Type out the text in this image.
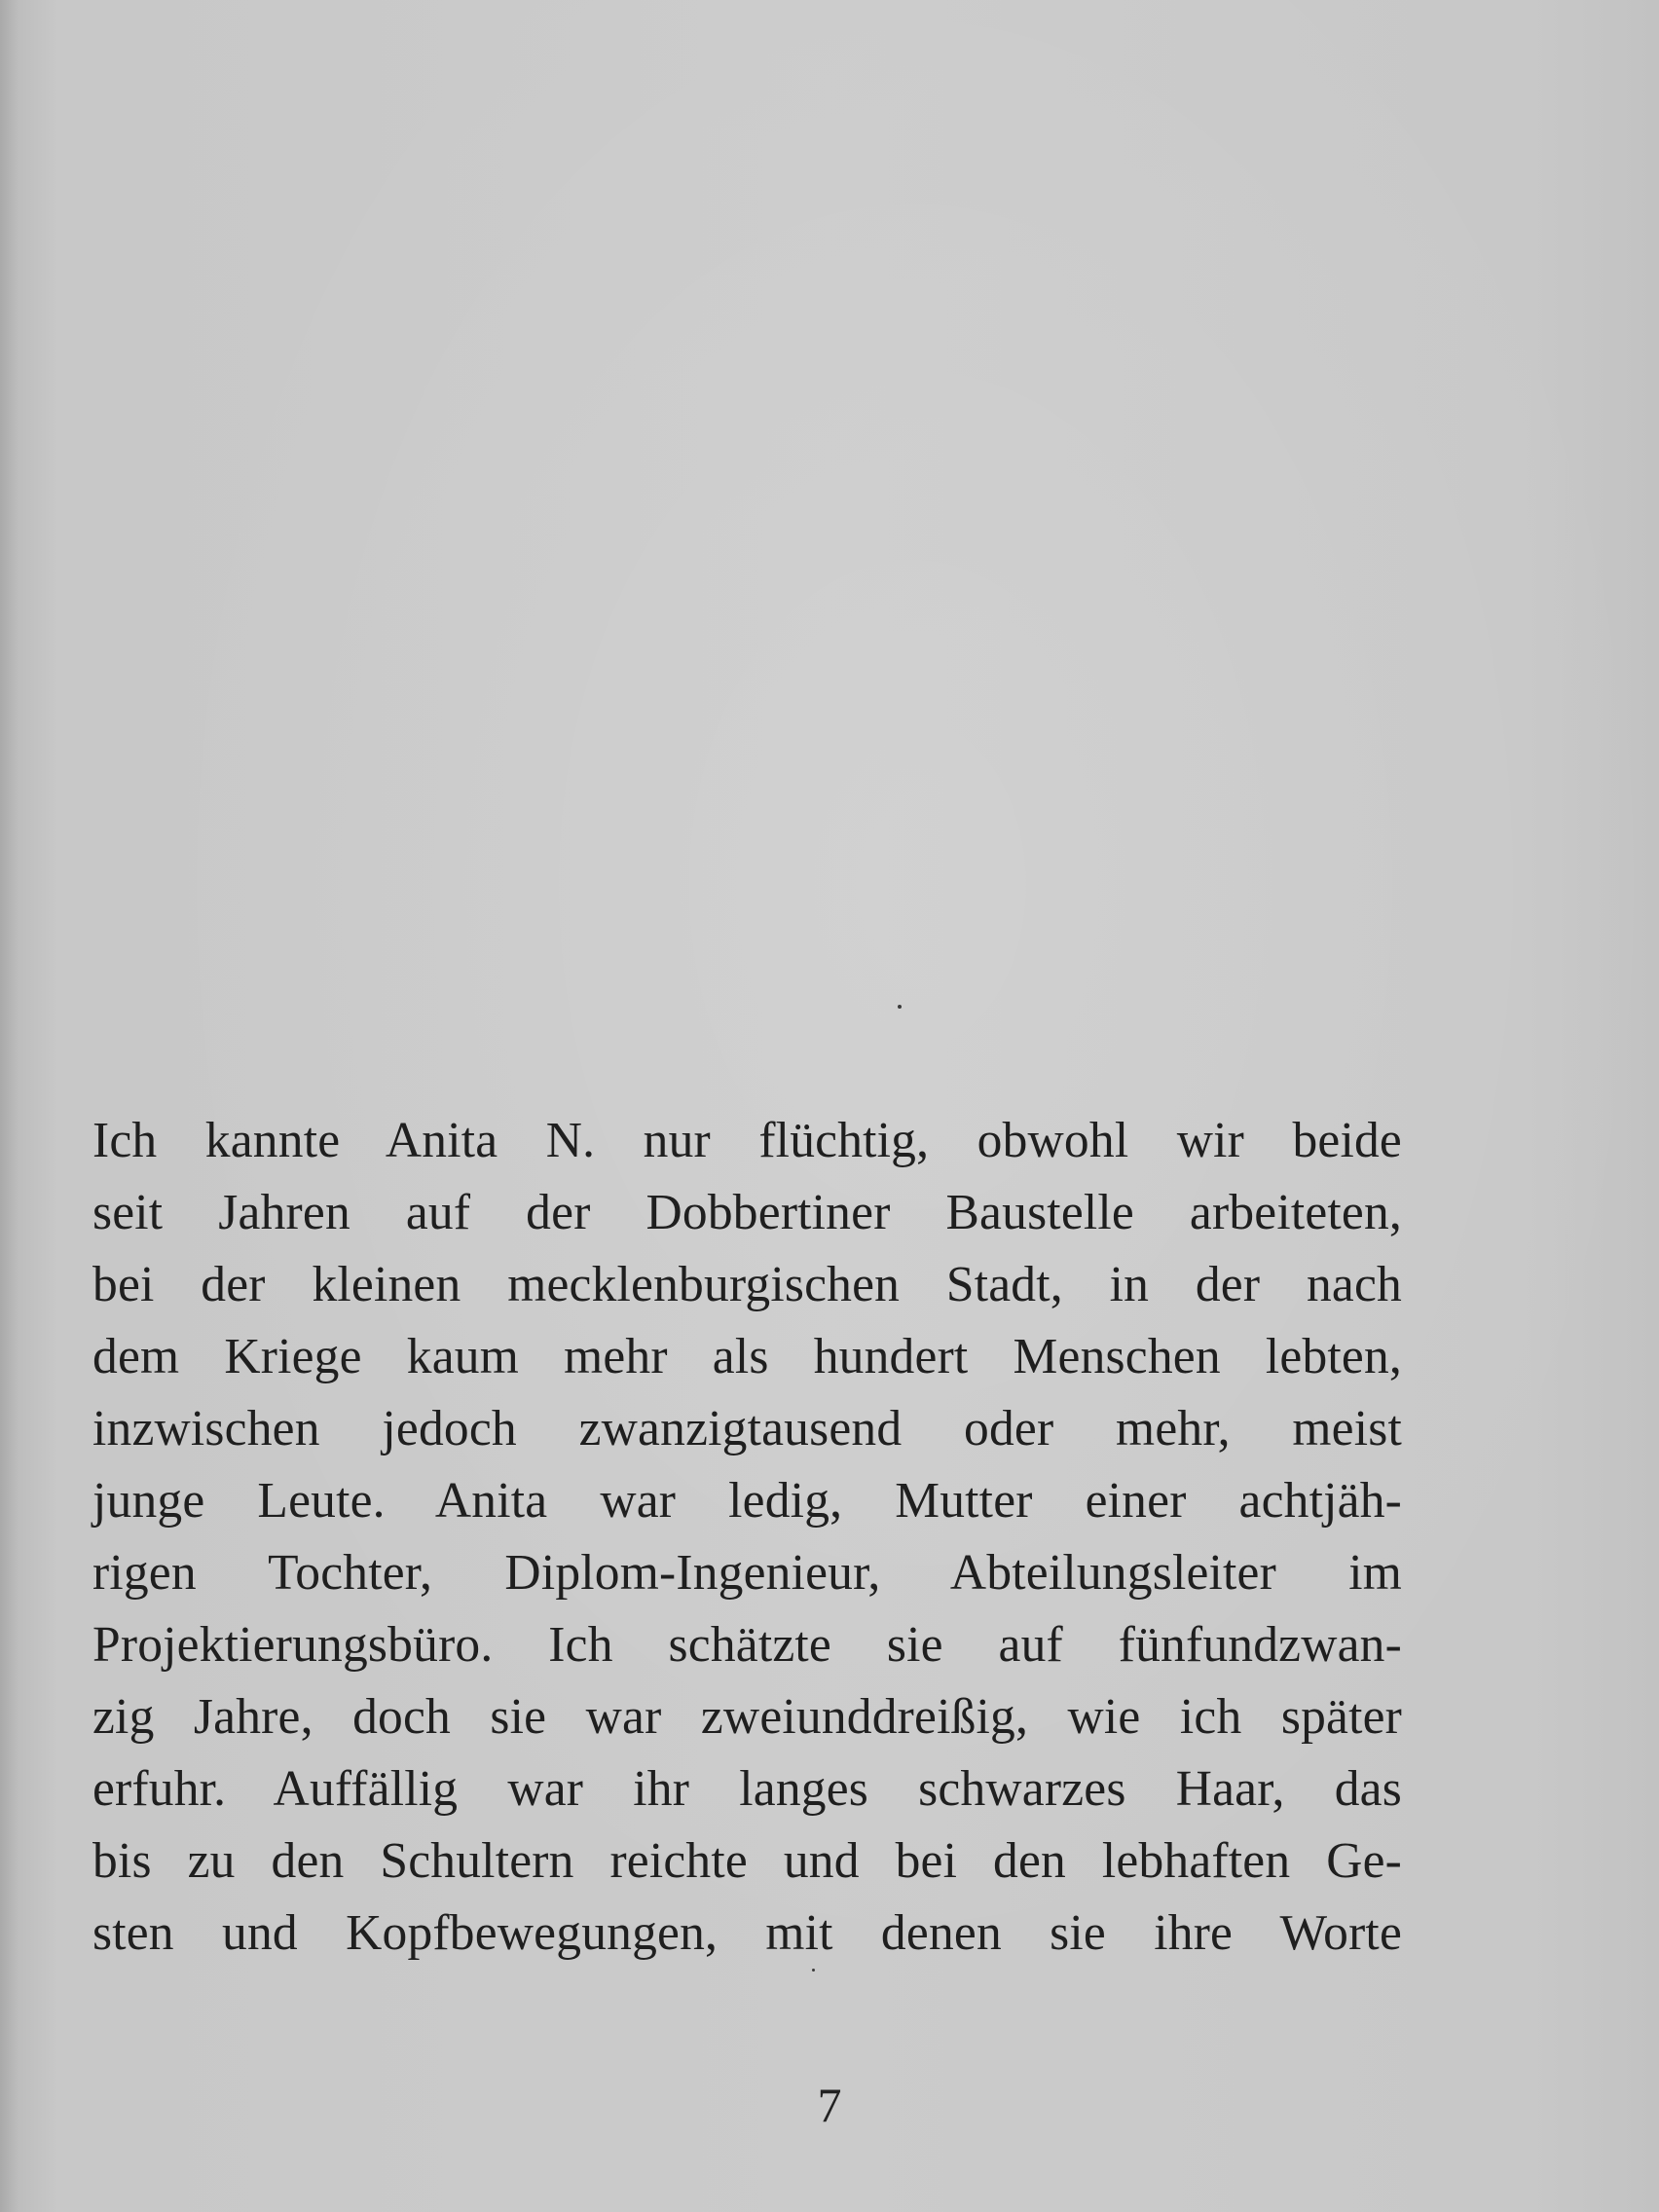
Ich kannte Anita N. nur flüchtig, obwohl wir beide
seit Jahren auf der Dobbertiner Baustelle arbeiteten,
bei der kleinen mecklenburgischen Stadt, in der nach
dem Kriege kaum mehr als hundert Menschen lebten,
inzwischen jedoch zwanzigtausend oder mehr, meist
junge Leute. Anita war ledig, Mutter einer achtjäh-
rigen Tochter, Diplom-Ingenieur, Abteilungsleiter im
Projektierungsbüro. Ich schätzte sie auf fünfundzwan-
zig Jahre, doch sie war zweiunddreißig, wie ich später
erfuhr. Auffällig war ihr langes schwarzes Haar, das
bis zu den Schultern reichte und bei den lebhaften Ge-
sten und Kopfbewegungen, mit denen sie ihre Worte

7
